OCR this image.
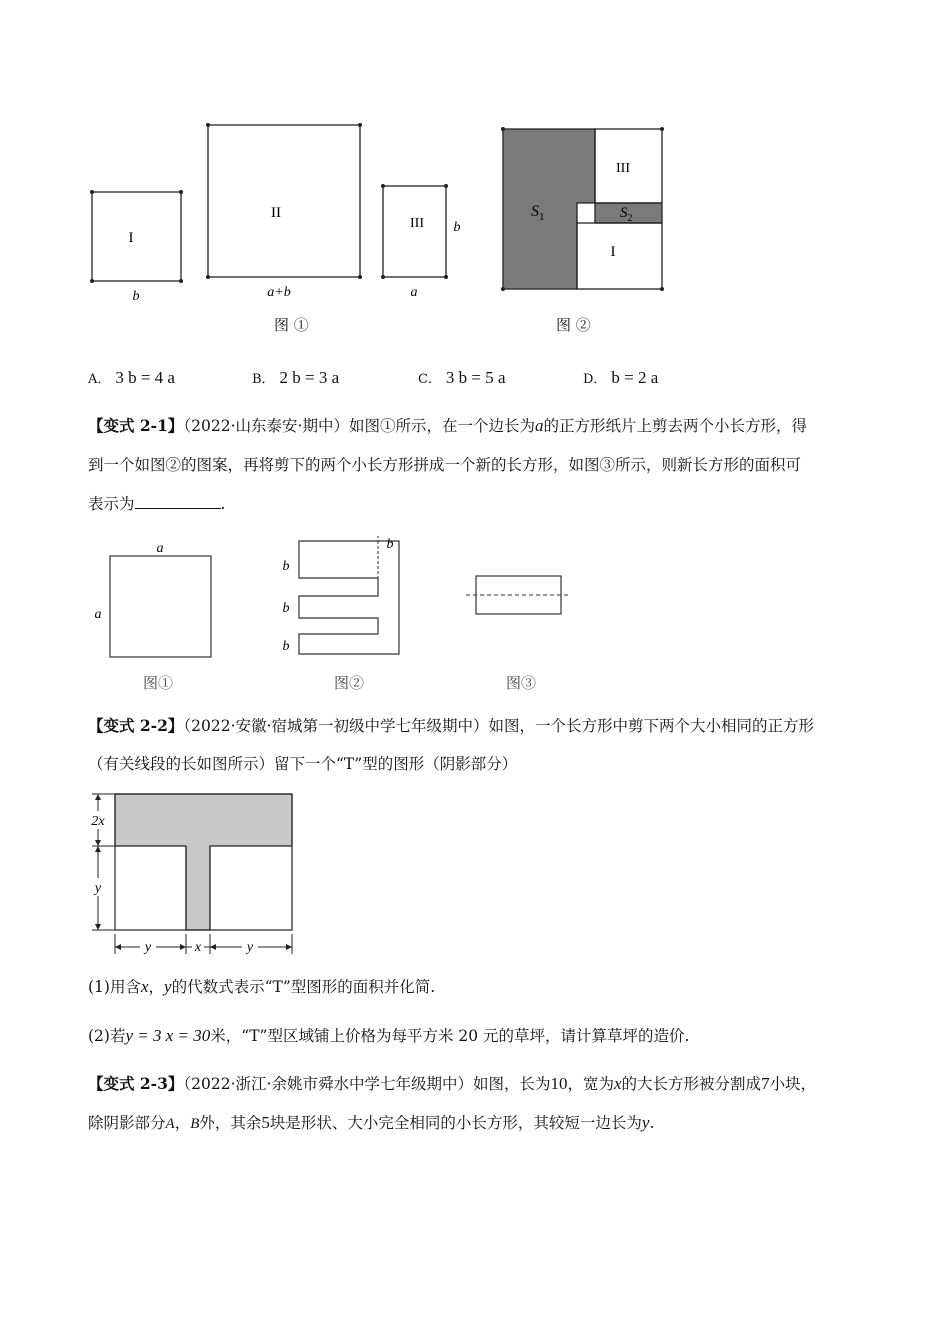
I
b
II
a+b
III b
a
$S_1$	$S_2$
III
I
图 ①	图 ②
A． 3 b = 4 a	B． 2 b = 3 a	C． 3 b = 5 a	D． b = 2 a
【变式 2-1】（2022·山东泰安·期中）如图①所示，在一个边长为a的正方形纸片上剪去两个小长方形，得
到一个如图②的图案，再将剪下的两个小长方形拼成一个新的长方形，如图③所示，则新长方形的面积可
表示为	.
a
a
b
b
b
b
图①	图②	图③
【变式 2-2】（2022·安徽·宿城第一初级中学七年级期中）如图，一个长方形中剪下两个大小相同的正方形
（有关线段的长如图所示）留下一个“T”型的图形（阴影部分）
2x
y
y	x	y
(1)用含x，y的代数式表示“T”型图形的面积并化简.
(2)若y = 3 x = 30米，“T”型区域铺上价格为每平方米 20 元的草坪，请计算草坪的造价.
【变式 2-3】（2022·浙江·余姚市舜水中学七年级期中）如图，长为10，宽为x的大长方形被分割成7小块，
除阴影部分A，B外，其余5块是形状、大小完全相同的小长方形，其较短一边长为y.
